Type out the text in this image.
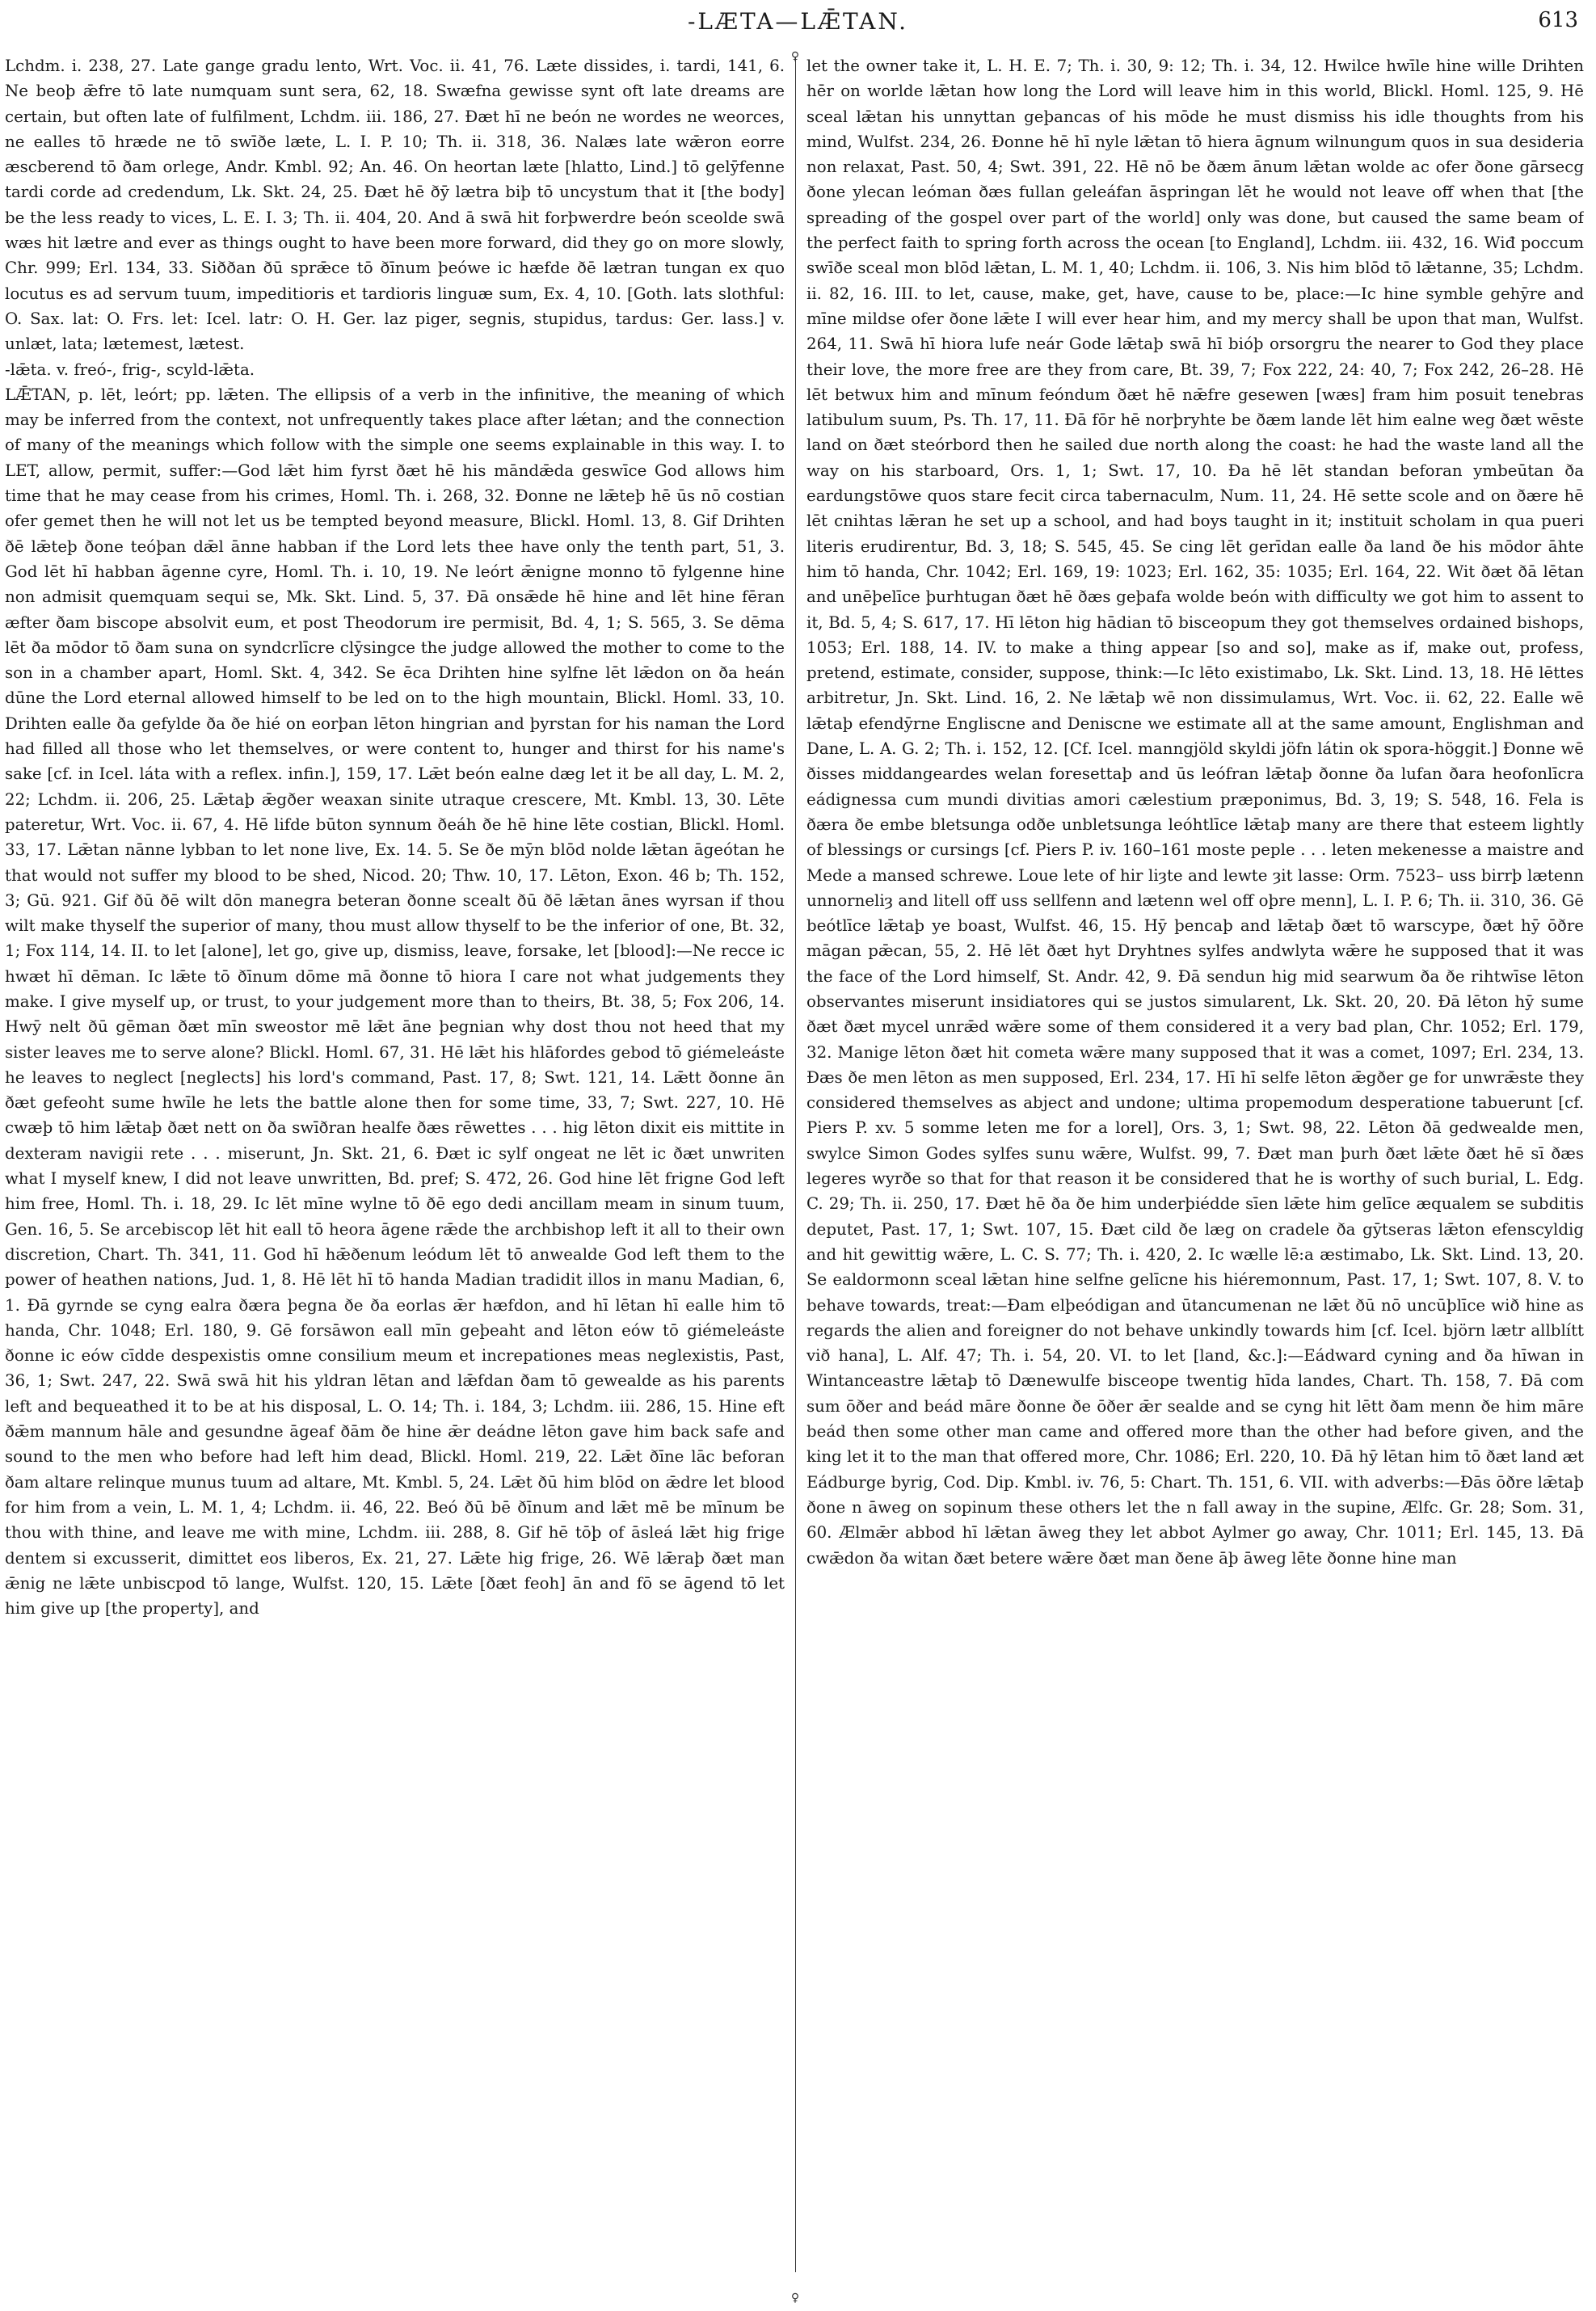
-LÆTA—LǢTAN.	613
♀
♀

Lchdm. i. 238, 27. Late gange gradu lento, Wrt. Voc. ii. 41, 76. Læte dissides, i. tardi, 141, 6. Ne beoþ ǣfre tō late numquam sunt sera, 62, 18. Swæfna gewisse synt oft late dreams are certain, but often late of fulfilment, Lchdm. iii. 186, 27. Ðæt hī ne beón ne wordes ne weorces, ne ealles tō hræde ne tō swīðe læte, L. I. P. 10; Th. ii. 318, 36. Nalæs late wǣron eorre æscberend tō ðam orlege, Andr. Kmbl. 92; An. 46. On heortan læte [hlatto, Lind.] tō gelȳfenne tardi corde ad credendum, Lk. Skt. 24, 25. Ðæt hē ðȳ lætra biþ tō uncystum that it [the body] be the less ready to vices, L. E. I. 3; Th. ii. 404, 20. And ā swā hit forþwerdre beón sceolde swā wæs hit lætre and ever as things ought to have been more forward, did they go on more slowly, Chr. 999; Erl. 134, 33. Siððan ðū sprǣce tō ðīnum þeówe ic hæfde ðē lætran tungan ex quo locutus es ad servum tuum, impeditioris et tardioris linguæ sum, Ex. 4, 10. [Goth. lats slothful: O. Sax. lat: O. Frs. let: Icel. latr: O. H. Ger. laz piger, segnis, stupidus, tardus: Ger. lass.] v. unlæt, lata; lætemest, lætest.

-lǣta. v. freó-, frig-, scyld-lǣta.

LǢTAN, p. lēt, leórt; pp. lǣten. The ellipsis of a verb in the infinitive, the meaning of which may be inferred from the context, not unfrequently takes place after lǽtan; and the connection of many of the meanings which follow with the simple one seems explainable in this way. I. to LET, allow, permit, suffer:—God lǣt him fyrst ðæt hē his māndǣda geswīce God allows him time that he may cease from his crimes, Homl. Th. i. 268, 32. Ðonne ne lǣteþ hē ūs nō costian ofer gemet then he will not let us be tempted beyond measure, Blickl. Homl. 13, 8. Gif Drihten ðē lǣteþ ðone teóþan dǣl ānne habban if the Lord lets thee have only the tenth part, 51, 3. God lēt hī habban āgenne cyre, Homl. Th. i. 10, 19. Ne leórt ǣnigne monno tō fylgenne hine non admisit quemquam sequi se, Mk. Skt. Lind. 5, 37. Ðā onsǣde hē hine and lēt hine fēran æfter ðam biscope absolvit eum, et post Theodorum ire permisit, Bd. 4, 1; S. 565, 3. Se dēma lēt ða mōdor tō ðam suna on syndcrlīcre clȳsingce the judge allowed the mother to come to the son in a chamber apart, Homl. Skt. 4, 342. Se ēca Drihten hine sylfne lēt lǣdon on ða heán dūne the Lord eternal allowed himself to be led on to the high mountain, Blickl. Homl. 33, 10. Drihten ealle ða gefylde ða ðe hié on eorþan lēton hingrian and þyrstan for his naman the Lord had filled all those who let themselves, or were content to, hunger and thirst for his name's sake [cf. in Icel. láta with a reflex. infin.], 159, 17. Lǣt beón ealne dæg let it be all day, L. M. 2, 22; Lchdm. ii. 206, 25. Lǣtaþ ǣgðer weaxan sinite utraque crescere, Mt. Kmbl. 13, 30. Lēte pateretur, Wrt. Voc. ii. 67, 4. Hē lifde būton synnum ðeáh ðe hē hine lēte costian, Blickl. Homl. 33, 17. Lǣtan nānne lybban to let none live, Ex. 14. 5. Se ðe mȳn blōd nolde lǣtan āgeótan he that would not suffer my blood to be shed, Nicod. 20; Thw. 10, 17. Lēton, Exon. 46 b; Th. 152, 3; Gū. 921. Gif ðū ðē wilt dōn manegra beteran ðonne scealt ðū ðē lǣtan ānes wyrsan if thou wilt make thyself the superior of many, thou must allow thyself to be the inferior of one, Bt. 32, 1; Fox 114, 14. II. to let [alone], let go, give up, dismiss, leave, forsake, let [blood]:—Ne recce ic hwæt hī dēman. Ic lǣte tō ðīnum dōme mā ðonne tō hiora I care not what judgements they make. I give myself up, or trust, to your judgement more than to theirs, Bt. 38, 5; Fox 206, 14. Hwȳ nelt ðū gēman ðæt mīn sweostor mē lǣt āne þegnian why dost thou not heed that my sister leaves me to serve alone? Blickl. Homl. 67, 31. Hē lǣt his hlāfordes gebod tō giémeleáste he leaves to neglect [neglects] his lord's command, Past. 17, 8; Swt. 121, 14. Lǣtt ðonne ān ðæt gefeoht sume hwīle he lets the battle alone then for some time, 33, 7; Swt. 227, 10. Hē cwæþ tō him lǣtaþ ðæt nett on ða swīðran healfe ðæs rēwettes . . . hig lēton dixit eis mittite in dexteram navigii rete . . . miserunt, Jn. Skt. 21, 6. Ðæt ic sylf ongeat ne lēt ic ðæt unwriten what I myself knew, I did not leave unwritten, Bd. pref; S. 472, 26. God hine lēt frigne God left him free, Homl. Th. i. 18, 29. Ic lēt mīne wylne tō ðē ego dedi ancillam meam in sinum tuum, Gen. 16, 5. Se arcebiscop lēt hit eall tō heora āgene rǣde the archbishop left it all to their own discretion, Chart. Th. 341, 11. God hī hǣðenum leódum lēt tō anwealde God left them to the power of heathen nations, Jud. 1, 8. Hē lēt hī tō handa Madian tradidit illos in manu Madian, 6, 1. Ðā gyrnde se cyng ealra ðæra þegna ðe ða eorlas ǣr hæfdon, and hī lētan hī ealle him tō handa, Chr. 1048; Erl. 180, 9. Gē forsāwon eall mīn geþeaht and lēton eów tō giémeleáste ðonne ic eów cīdde despexistis omne consilium meum et increpationes meas neglexistis, Past, 36, 1; Swt. 247, 22. Swā swā hit his yldran lētan and lǣfdan ðam tō gewealde as his parents left and bequeathed it to be at his disposal, L. O. 14; Th. i. 184, 3; Lchdm. iii. 286, 15. Hine eft ðǣm mannum hāle and gesundne āgeaf ðām ðe hine ǣr deádne lēton gave him back safe and sound to the men who before had left him dead, Blickl. Homl. 219, 22. Lǣt ðīne lāc beforan ðam altare relinque munus tuum ad altare, Mt. Kmbl. 5, 24. Lǣt ðū him blōd on ǣdre let blood for him from a vein, L. M. 1, 4; Lchdm. ii. 46, 22. Beó ðū bē ðīnum and lǣt mē be mīnum be thou with thine, and leave me with mine, Lchdm. iii. 288, 8. Gif hē tōþ of āsleá lǣt hig frige dentem si excusserit, dimittet eos liberos, Ex. 21, 27. Lǣte hig frige, 26. Wē lǣraþ ðæt man ǣnig ne lǣte unbiscpod tō lange, Wulfst. 120, 15. Lǣte [ðæt feoh] ān and fō se āgend tō let him give up [the property], and

let the owner take it, L. H. E. 7; Th. i. 30, 9: 12; Th. i. 34, 12. Hwilce hwīle hine wille Drihten hēr on worlde lǣtan how long the Lord will leave him in this world, Blickl. Homl. 125, 9. Hē sceal lǣtan his unnyttan geþancas of his mōde he must dismiss his idle thoughts from his mind, Wulfst. 234, 26. Ðonne hē hī nyle lǣtan tō hiera āgnum wilnungum quos in sua desideria non relaxat, Past. 50, 4; Swt. 391, 22. Hē nō be ðæm ānum lǣtan wolde ac ofer ðone gārsecg ðone ylecan leóman ðæs fullan geleáfan āspringan lēt he would not leave off when that [the spreading of the gospel over part of the world] only was done, but caused the same beam of the perfect faith to spring forth across the ocean [to England], Lchdm. iii. 432, 16. Wiđ poccum swīðe sceal mon blōd lǣtan, L. M. 1, 40; Lchdm. ii. 106, 3. Nis him blōd tō lǣtanne, 35; Lchdm. ii. 82, 16. III. to let, cause, make, get, have, cause to be, place:—Ic hine symble gehȳre and mīne mildse ofer ðone lǣte I will ever hear him, and my mercy shall be upon that man, Wulfst. 264, 11. Swā hī hiora lufe neár Gode lǣtaþ swā hī bióþ orsorgru the nearer to God they place their love, the more free are they from care, Bt. 39, 7; Fox 222, 24: 40, 7; Fox 242, 26–28. Hē lēt betwux him and mīnum feóndum ðæt hē nǣfre gesewen [wæs] fram him posuit tenebras latibulum suum, Ps. Th. 17, 11. Ðā fōr hē norþryhte be ðæm lande lēt him ealne weg ðæt wēste land on ðæt steórbord then he sailed due north along the coast: he had the waste land all the way on his starboard, Ors. 1, 1; Swt. 17, 10. Ða hē lēt standan beforan ymbeūtan ða eardungstōwe quos stare fecit circa tabernaculm, Num. 11, 24. Hē sette scole and on ðære hē lēt cnihtas lǣran he set up a school, and had boys taught in it; instituit scholam in qua pueri literis erudirentur, Bd. 3, 18; S. 545, 45. Se cing lēt gerīdan ealle ða land ðe his mōdor āhte him tō handa, Chr. 1042; Erl. 169, 19: 1023; Erl. 162, 35: 1035; Erl. 164, 22. Wit ðæt ðā lētan and unēþelīce þurhtugan ðæt hē ðæs geþafa wolde beón with difficulty we got him to assent to it, Bd. 5, 4; S. 617, 17. Hī lēton hig hādian tō bisceopum they got themselves ordained bishops, 1053; Erl. 188, 14. IV. to make a thing appear [so and so], make as if, make out, profess, pretend, estimate, consider, suppose, think:—Ic lēto existimabo, Lk. Skt. Lind. 13, 18. Hē lēttes arbitretur, Jn. Skt. Lind. 16, 2. Ne lǣtaþ wē non dissimulamus, Wrt. Voc. ii. 62, 22. Ealle wē lǣtaþ efendȳrne Engliscne and Deniscne we estimate all at the same amount, Englishman and Dane, L. A. G. 2; Th. i. 152, 12. [Cf. Icel. manngjöld skyldi jöfn látin ok spora-höggit.] Ðonne wē ðisses middangeardes welan foresettaþ and ūs leófran lǣtaþ ðonne ða lufan ðara heofonlīcra eádignessa cum mundi divitias amori cælestium præponimus, Bd. 3, 19; S. 548, 16. Fela is ðæra ðe embe bletsunga odðe unbletsunga leóhtlīce lǣtaþ many are there that esteem lightly of blessings or cursings [cf. Piers P. iv. 160–161 moste peple . . . leten mekenesse a maistre and Mede a mansed schrewe. Loue lete of hir liȝte and lewte ȝit lasse: Orm. 7523– uss birrþ lætenn unnorneliȝ and litell off uss sellfenn and lætenn wel off oþre menn], L. I. P. 6; Th. ii. 310, 36. Gē beótlīce lǣtaþ ye boast, Wulfst. 46, 15. Hȳ þencaþ and lǣtaþ ðæt tō warscype, ðæt hȳ ōðre māgan pǣcan, 55, 2. Hē lēt ðæt hyt Dryhtnes sylfes andwlyta wǣre he supposed that it was the face of the Lord himself, St. Andr. 42, 9. Ðā sendun hig mid searwum ða ðe rihtwīse lēton observantes miserunt insidiatores qui se justos simularent, Lk. Skt. 20, 20. Ðā lēton hȳ sume ðæt ðæt mycel unrǣd wǣre some of them considered it a very bad plan, Chr. 1052; Erl. 179, 32. Manige lēton ðæt hit cometa wǣre many supposed that it was a comet, 1097; Erl. 234, 13. Ðæs ðe men lēton as men supposed, Erl. 234, 17. Hī hī selfe lēton ǣgðer ge for unwrǣste they considered themselves as abject and undone; ultima propemodum desperatione tabuerunt [cf. Piers P. xv. 5 somme leten me for a lorel], Ors. 3, 1; Swt. 98, 22. Lēton ðā gedwealde men, swylce Simon Godes sylfes sunu wǣre, Wulfst. 99, 7. Ðæt man þurh ðæt lǣte ðæt hē sī ðæs legeres wyrðe so that for that reason it be considered that he is worthy of such burial, L. Edg. C. 29; Th. ii. 250, 17. Ðæt hē ða ðe him underþiédde sīen lǣte him gelīce æqualem se subditis deputet, Past. 17, 1; Swt. 107, 15. Ðæt cild ðe læg on cradele ða gȳtseras lǣton efenscyldig and hit gewittig wǣre, L. C. S. 77; Th. i. 420, 2. Ic wælle lē:a æstimabo, Lk. Skt. Lind. 13, 20. Se ealdormonn sceal lǣtan hine selfne gelīcne his hiéremonnum, Past. 17, 1; Swt. 107, 8. V. to behave towards, treat:—Ðam elþeódigan and ūtancumenan ne lǣt ðū nō uncūþlīce wið hine as regards the alien and foreigner do not behave unkindly towards him [cf. Icel. björn lætr allblítt við hana], L. Alf. 47; Th. i. 54, 20. VI. to let [land, &c.]:—Eádward cyning and ða hīwan in Wintanceastre lǣtaþ tō Dænewulfe bisceope twentig hīda landes, Chart. Th. 158, 7. Ðā com sum ōðer and beád māre ðonne ðe ōðer ǣr sealde and se cyng hit lētt ðam menn ðe him māre beád then some other man came and offered more than the other had before given, and the king let it to the man that offered more, Chr. 1086; Erl. 220, 10. Ðā hȳ lētan him tō ðæt land æt Eádburge byrig, Cod. Dip. Kmbl. iv. 76, 5: Chart. Th. 151, 6. VII. with adverbs:—Ðās ōðre lǣtaþ ðone n āweg on sopinum these others let the n fall away in the supine, Ælfc. Gr. 28; Som. 31, 60. Ælmǣr abbod hī lǣtan āweg they let abbot Aylmer go away, Chr. 1011; Erl. 145, 13. Ðā cwǣdon ða witan ðæt betere wǣre ðæt man ðene āþ āweg lēte ðonne hine man
